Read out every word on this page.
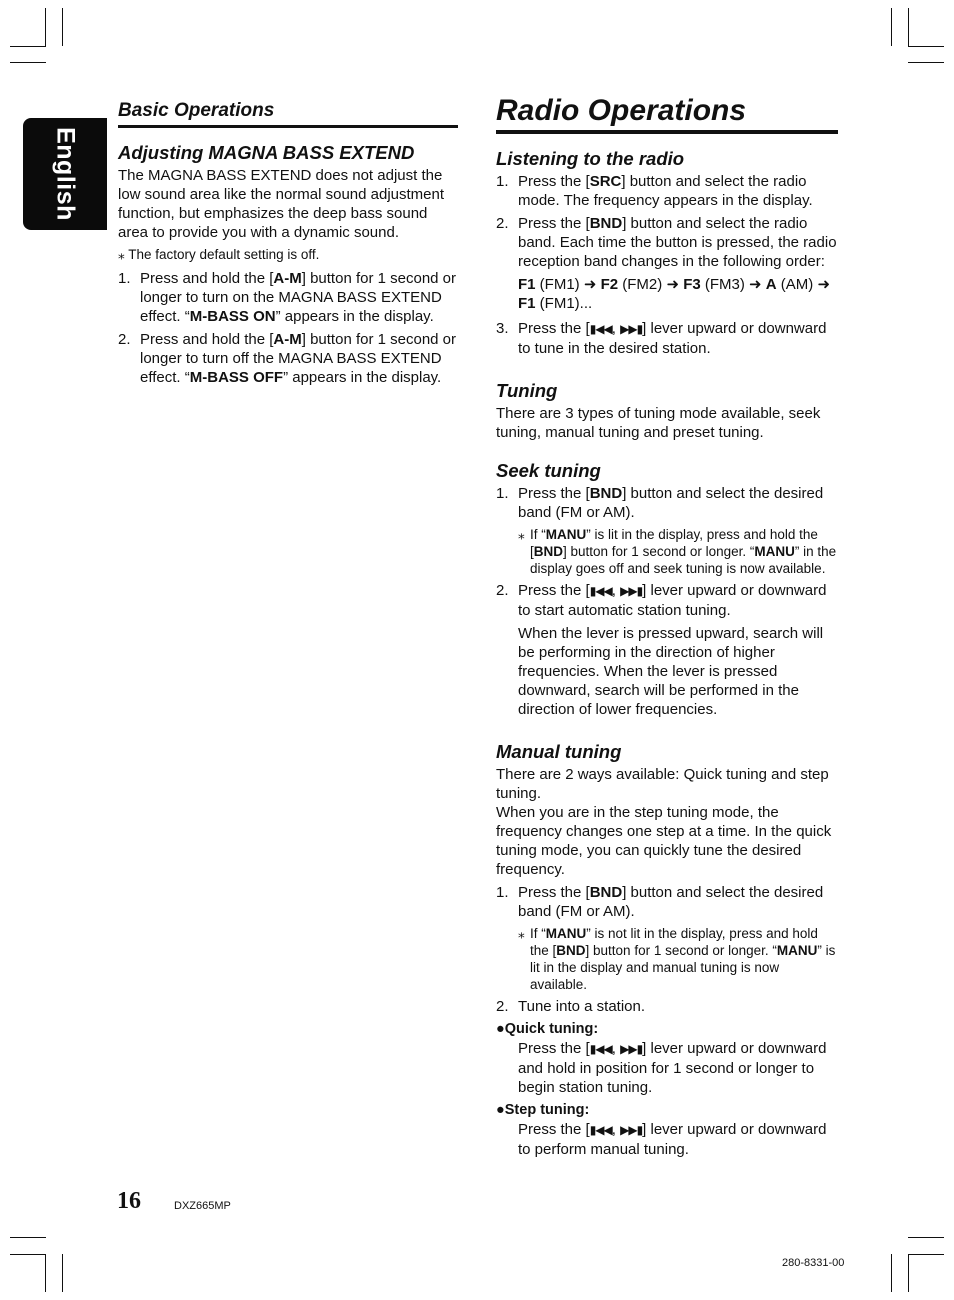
English
Basic Operations
Adjusting MAGNA BASS EXTEND

The MAGNA BASS EXTEND does not adjust the low sound area like the normal sound adjustment function, but emphasizes the deep bass sound area to provide you with a dynamic sound.

⁎ The factory default setting is off.
1. Press and hold the [A-M] button for 1 second or longer to turn on the MAGNA BASS EXTEND effect. “M-BASS ON” appears in the display.
2. Press and hold the [A-M] button for 1 second or longer to turn off the MAGNA BASS EXTEND effect. “M-BASS OFF” appears in the display.
Radio Operations
Listening to the radio
1. Press the [SRC] button and select the radio mode. The frequency appears in the display.
2. Press the [BND] button and select the radio band. Each time the button is pressed, the radio reception band changes in the following order:
F1 (FM1) ➜ F2 (FM2) ➜ F3 (FM3) ➜ A (AM) ➜ F1 (FM1)...
3. Press the [▮◀◀, ▶▶▮] lever upward or downward to tune in the desired station.
Tuning

There are 3 types of tuning mode available, seek tuning, manual tuning and preset tuning.

Seek tuning
1. Press the [BND] button and select the desired band (FM or AM).
⁎ If “MANU” is lit in the display, press and hold the [BND] button for 1 second or longer. “MANU” in the display goes off and seek tuning is now available.
2. Press the [▮◀◀, ▶▶▮] lever upward or downward to start automatic station tuning.
When the lever is pressed upward, search will be performing in the direction of higher frequencies. When the lever is pressed downward, search will be performed in the direction of lower frequencies.
Manual tuning

There are 2 ways available: Quick tuning and step tuning.

When you are in the step tuning mode, the frequency changes one step at a time. In the quick tuning mode, you can quickly tune the desired frequency.

1. Press the [BND] button and select the desired band (FM or AM).
⁎ If “MANU” is not lit in the display, press and hold the [BND] button for 1 second or longer. “MANU” is lit in the display and manual tuning is now available.
2. Tune into a station.
●Quick tuning:
Press the [▮◀◀, ▶▶▮] lever upward or downward and hold in position for 1 second or longer to begin station tuning.
●Step tuning:
Press the [▮◀◀, ▶▶▮] lever upward or downward to perform manual tuning.
16	DXZ665MP
280-8331-00
